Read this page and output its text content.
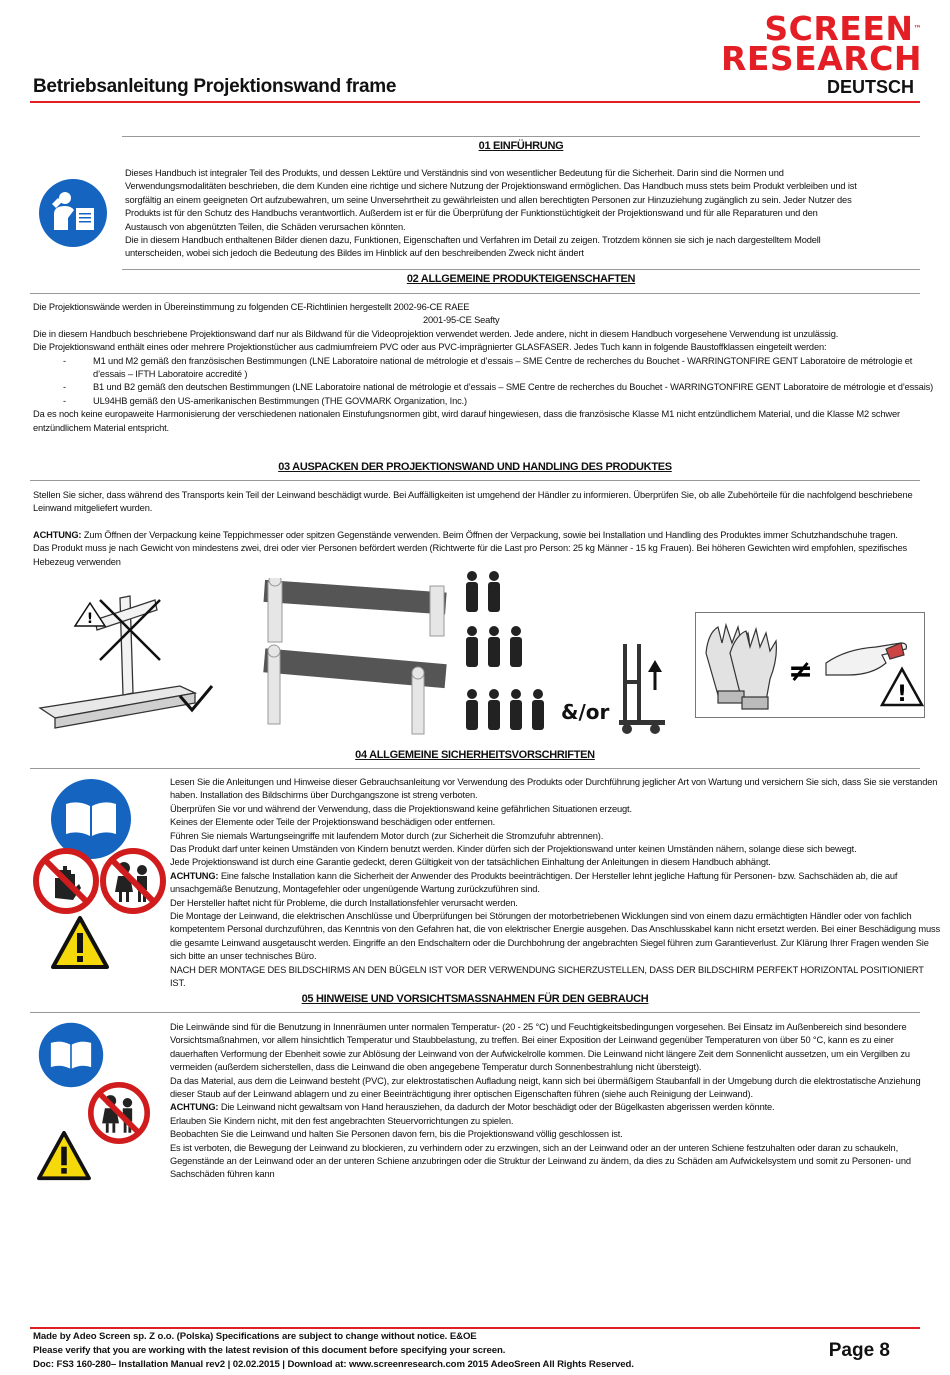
Betriebsanleitung Projektionswand frame
SCREEN™
RESEARCH
DEUTSCH
01 EINFÜHRUNG

Dieses Handbuch ist integraler Teil des Produkts, und dessen Lektüre und Verständnis sind von wesentlicher Bedeutung für die Sicherheit. Darin sind die Normen und

Verwendungsmodalitäten beschrieben, die dem Kunden eine richtige und sichere Nutzung der Projektionswand ermöglichen. Das Handbuch muss stets beim Produkt verbleiben und ist

sorgfältig an einem geeigneten Ort aufzubewahren, um seine Unversehrtheit zu gewährleisten und allen berechtigten Personen zur Hinzuziehung zugänglich zu sein. Jeder Nutzer des

Produkts ist für den Schutz des Handbuchs verantwortlich. Außerdem ist er für die Überprüfung der Funktionstüchtigkeit der Projektionswand und für alle Reparaturen und den

Austausch von abgenützten Teilen, die Schäden verursachen könnten.

Die in diesem Handbuch enthaltenen Bilder dienen dazu, Funktionen, Eigenschaften und Verfahren im Detail zu zeigen. Trotzdem können sie sich je nach dargestelltem Modell

unterscheiden, wobei sich jedoch die Bedeutung des Bildes im Hinblick auf den beschreibenden Zweck nicht ändert

02 ALLGEMEINE PRODUKTEIGENSCHAFTEN

Die Projektionswände werden in Übereinstimmung zu folgenden CE-Richtlinien hergestellt 2002-96-CE RAEE

2001-95-CE Seafty

Die in diesem Handbuch beschriebene Projektionswand darf nur als Bildwand für die Videoprojektion verwendet werden. Jede andere, nicht in diesem Handbuch vorgesehene Verwendung ist unzulässig.

Die Projektionswand enthält eines oder mehrere Projektionstücher aus cadmiumfreiem PVC oder aus PVC-imprägnierter GLASFASER. Jedes Tuch kann in folgende Baustoffklassen eingeteilt werden:

- M1 und M2 gemäß den französischen Bestimmungen (LNE Laboratoire national de métrologie et d’essais – SME Centre de recherches du Bouchet - WARRINGTONFIRE GENT Laboratoire de métrologie et d’essais – IFTH Laboratoire accredité )
- B1 und B2 gemäß den deutschen Bestimmungen (LNE Laboratoire national de métrologie et d’essais – SME Centre de recherches du Bouchet - WARRINGTONFIRE GENT Laboratoire de métrologie et d’essais)
- UL94HB gemäß den US-amerikanischen Bestimmungen (THE GOVMARK Organization, Inc.)

Da es noch keine europaweite Harmonisierung der verschiedenen nationalen Einstufungsnormen gibt, wird darauf hingewiesen, dass die französische Klasse M1 nicht entzündlichem Material, und die Klasse M2 schwer entzündlichem Material entspricht.

03 AUSPACKEN DER PROJEKTIONSWAND UND HANDLING DES PRODUKTES

Stellen Sie sicher, dass während des Transports kein Teil der Leinwand beschädigt wurde. Bei Auffälligkeiten ist umgehend der Händler zu informieren. Überprüfen Sie, ob alle Zubehörteile für die nachfolgend beschriebene Leinwand mitgeliefert wurden.

ACHTUNG: Zum Öffnen der Verpackung keine Teppichmesser oder spitzen Gegenstände verwenden. Beim Öffnen der Verpackung, sowie bei Installation und Handling des Produktes immer Schutzhandschuhe tragen. Das Produkt muss je nach Gewicht von mindestens zwei, drei oder vier Personen befördert werden (Richtwerte für die Last pro Person: 25 kg Männer - 15 kg Frauen). Bei höheren Gewichten wird empfohlen, spezifisches Hebezeug verwenden

!
&/or
≠
!
04 ALLGEMEINE SICHERHEITSVORSCHRIFTEN

Lesen Sie die Anleitungen und Hinweise dieser Gebrauchsanleitung vor Verwendung des Produkts oder Durchführung jeglicher Art von Wartung und versichern Sie sich, dass Sie sie verstanden haben. Installation des Bildschirms über Durchgangszone ist streng verboten.

Überprüfen Sie vor und während der Verwendung, dass die Projektionswand keine gefährlichen Situationen erzeugt.

Keines der Elemente oder Teile der Projektionswand beschädigen oder entfernen.

Führen Sie niemals Wartungseingriffe mit laufendem Motor durch (zur Sicherheit die Stromzufuhr abtrennen).

Das Produkt darf unter keinen Umständen von Kindern benutzt werden. Kinder dürfen sich der Projektionswand unter keinen Umständen nähern, solange diese sich bewegt.

Jede Projektionswand ist durch eine Garantie gedeckt, deren Gültigkeit von der tatsächlichen Einhaltung der Anleitungen in diesem Handbuch abhängt.

ACHTUNG: Eine falsche Installation kann die Sicherheit der Anwender des Produkts beeinträchtigen. Der Hersteller lehnt jegliche Haftung für Personen- bzw. Sachschäden ab, die auf unsachgemäße Benutzung, Montagefehler oder ungenügende Wartung zurückzuführen sind.

Der Hersteller haftet nicht für Probleme, die durch Installationsfehler verursacht werden.

Die Montage der Leinwand, die elektrischen Anschlüsse und Überprüfungen bei Störungen der motorbetriebenen Wicklungen sind von einem dazu ermächtigten Händler oder von fachlich kompetentem Personal durchzuführen, das Kenntnis von den Gefahren hat, die von elektrischer Energie ausgehen. Das Anschlusskabel kann nicht ersetzt werden. Bei einer Beschädigung muss die gesamte Leinwand ausgetauscht werden. Eingriffe an den Endschaltern oder die Durchbohrung der angebrachten Siegel führen zum Garantieverlust. Zur Klärung Ihrer Fragen wenden Sie sich bitte an unser technisches Büro.

NACH DER MONTAGE DES BILDSCHIRMS AN DEN BÜGELN IST VOR DER VERWENDUNG SICHERZUSTELLEN, DASS DER BILDSCHIRM PERFEKT HORIZONTAL POSITIONIERT IST.

05 HINWEISE UND VORSICHTSMASSNAHMEN FÜR DEN GEBRAUCH

Die Leinwände sind für die Benutzung in Innenräumen unter normalen Temperatur- (20 - 25 °C) und Feuchtigkeitsbedingungen vorgesehen. Bei Einsatz im Außenbereich sind besondere Vorsichtsmaßnahmen, vor allem hinsichtlich Temperatur und Staubbelastung, zu treffen. Bei einer Exposition der Leinwand gegenüber Temperaturen von über 50 °C, kann es zu einer dauerhaften Verformung der Ebenheit sowie zur Ablösung der Leinwand von der Aufwickelrolle kommen. Die Leinwand nicht längere Zeit dem Sonnenlicht aussetzen, um ein Vergilben zu vermeiden (außerdem sicherstellen, dass die Leinwand die oben angegebene Temperatur durch Sonnenbestrahlung nicht übersteigt).

Da das Material, aus dem die Leinwand besteht (PVC), zur elektrostatischen Aufladung neigt, kann sich bei übermäßigem Staubanfall in der Umgebung durch die elektrostatische Anziehung dieser Staub auf der Leinwand ablagern und zu einer Beeinträchtigung ihrer optischen Eigenschaften führen (siehe auch Reinigung der Leinwand).

ACHTUNG: Die Leinwand nicht gewaltsam von Hand herausziehen, da dadurch der Motor beschädigt oder der Bügelkasten abgerissen werden könnte.

Erlauben Sie Kindern nicht, mit den fest angebrachten Steuervorrichtungen zu spielen.

Beobachten Sie die Leinwand und halten Sie Personen davon fern, bis die Projektionswand völlig geschlossen ist.

Es ist verboten, die Bewegung der Leinwand zu blockieren, zu verhindern oder zu erzwingen, sich an der Leinwand oder an der unteren Schiene festzuhalten oder daran zu schaukeln, Gegenstände an der Leinwand oder an der unteren Schiene anzubringen oder die Struktur der Leinwand zu ändern, da dies zu Schäden am Aufwickelsystem und somit zu Personen- und Sachschäden führen kann

Made by Adeo Screen sp. Z o.o. (Polska) Specifications are subject to change without notice. E&OE
Please verify that you are working with the latest revision of this document before specifying your screen.
Doc: FS3 160-280– Installation Manual rev2 | 02.02.2015 | Download at: www.screenresearch.com 2015 AdeoSreen All Rights Reserved.
Page 8
